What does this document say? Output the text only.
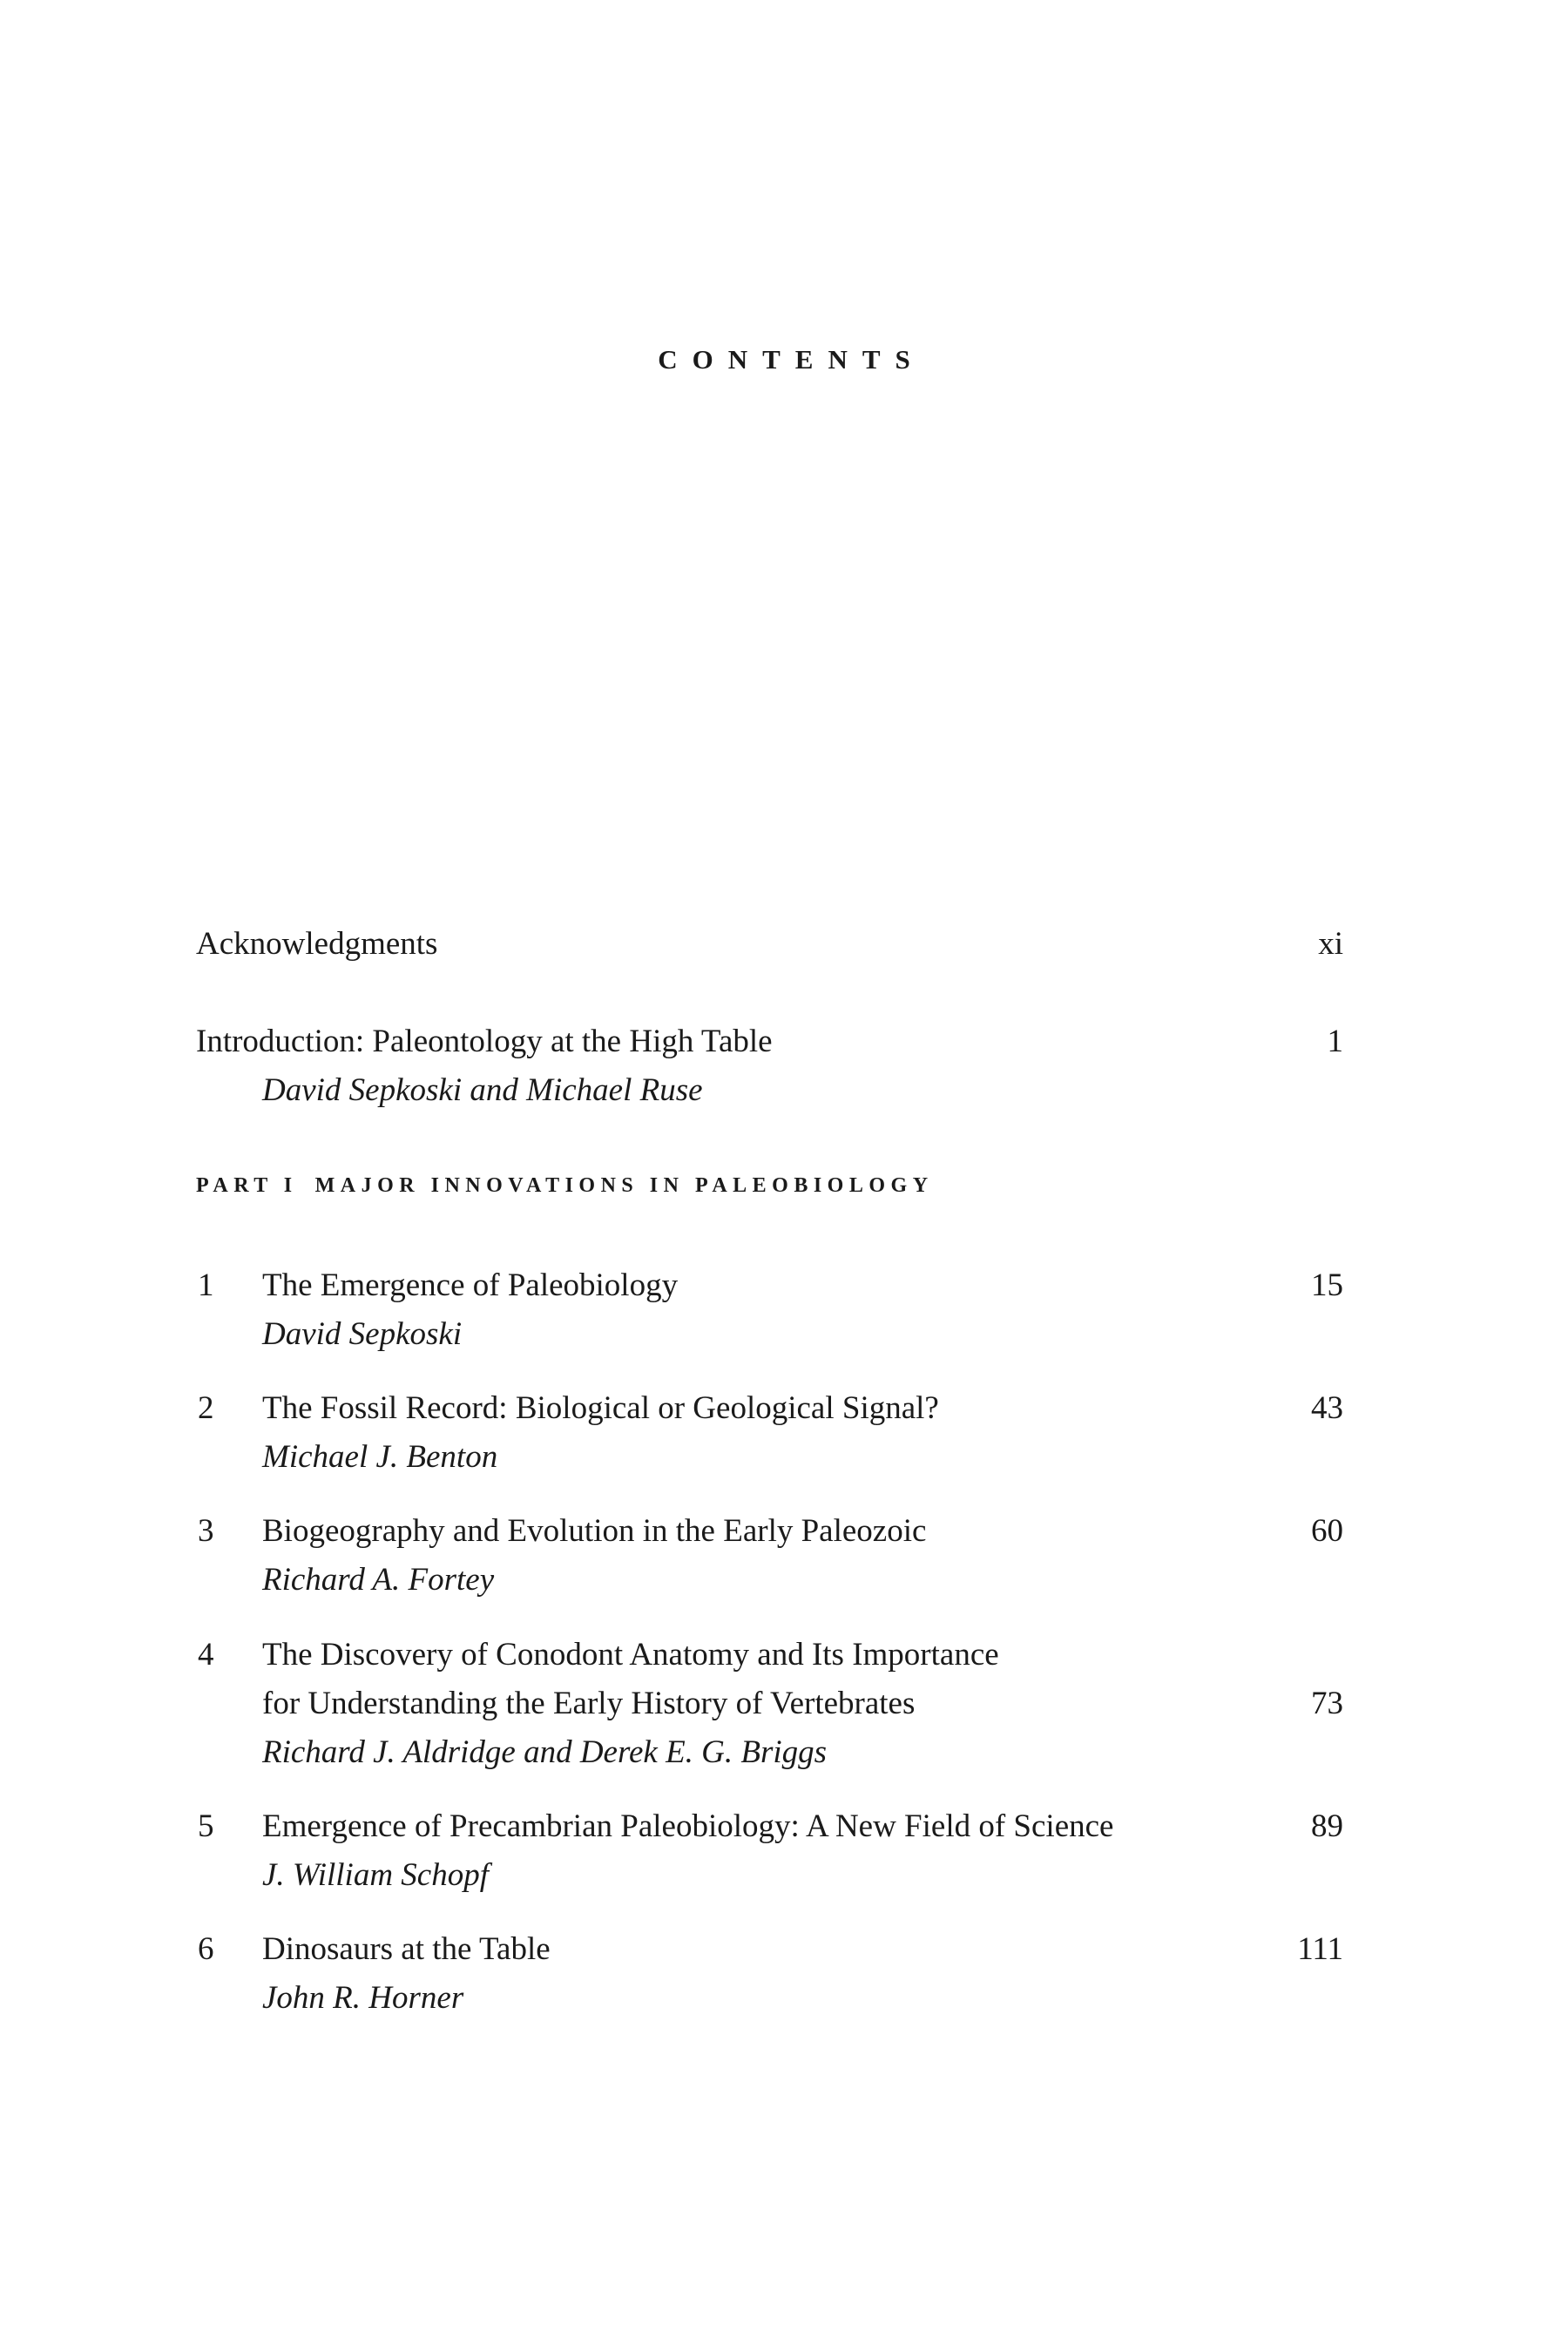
CONTENTS
Acknowledgments	xi
Introduction: Paleontology at the High Table
David Sepkoski and Michael Ruse
1
PART I MAJOR INNOVATIONS IN PALEOBIOLOGY
1 The Emergence of Paleobiology
David Sepkoski
15
2 The Fossil Record: Biological or Geological Signal?
Michael J. Benton
43
3 Biogeography and Evolution in the Early Paleozoic
Richard A. Fortey
60
4 The Discovery of Conodont Anatomy and Its Importance
for Understanding the Early History of Vertebrates
Richard J. Aldridge and Derek E. G. Briggs
73
5 Emergence of Precambrian Paleobiology: A New Field of Science
J. William Schopf
89
6 Dinosaurs at the Table
John R. Horner
111
